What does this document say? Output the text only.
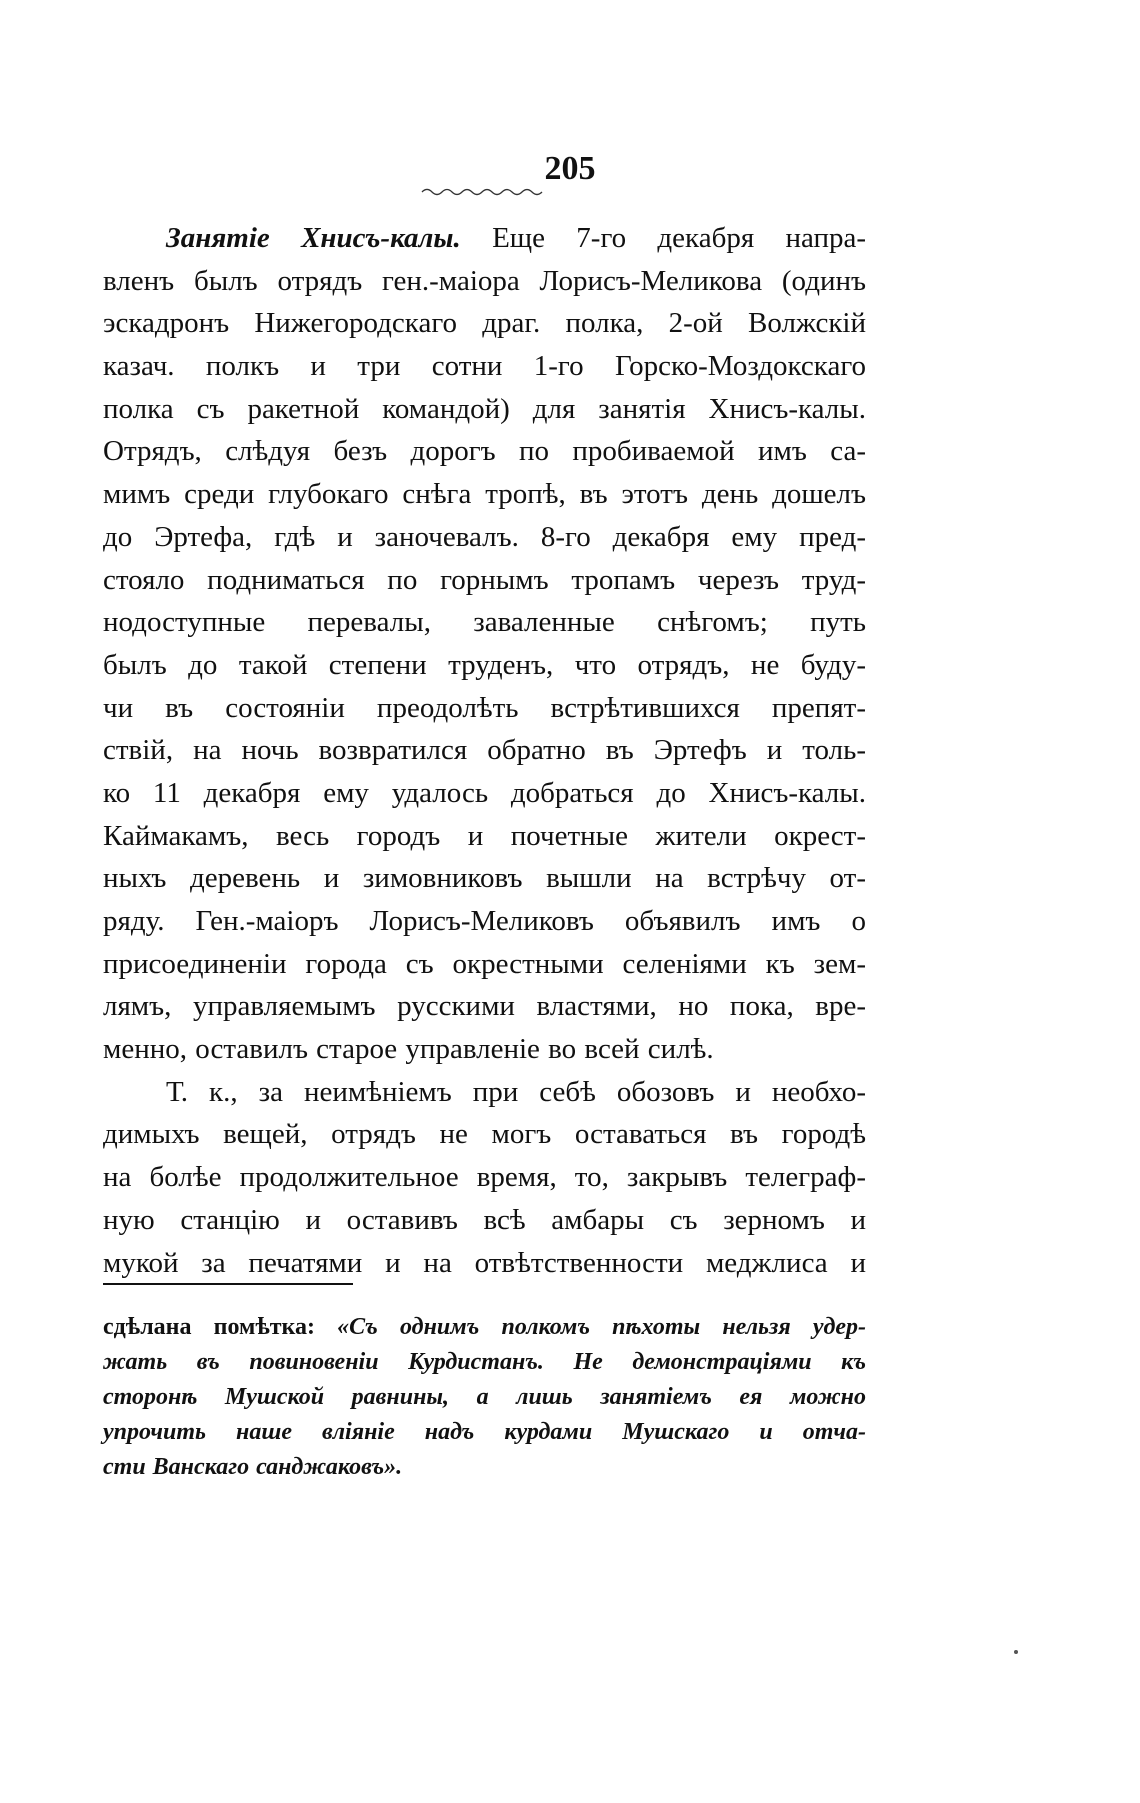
205
Занятіе Хнисъ-калы. Еще 7-го декабря напра-
вленъ былъ отрядъ ген.-маіора Лорисъ-Меликова (одинъ
эскадронъ Нижегородскаго драг. полка, 2-ой Волжскій
казач. полкъ и три сотни 1-го Горско-Моздокскаго
полка съ ракетной командой) для занятія Хнисъ-калы.
Отрядъ, слѣдуя безъ дорогъ по пробиваемой имъ са-
мимъ среди глубокаго снѣга тропѣ, въ этотъ день дошелъ
до Эртефа, гдѣ и заночевалъ. 8-го декабря ему пред-
стояло подниматься по горнымъ тропамъ черезъ труд-
нодоступные перевалы, заваленные снѣгомъ; путь
былъ до такой степени труденъ, что отрядъ, не буду-
чи въ состояніи преодолѣть встрѣтившихся препят-
ствій, на ночь возвратился обратно въ Эртефъ и толь-
ко 11 декабря ему удалось добраться до Хнисъ-калы.
Каймакамъ, весь городъ и почетные жители окрест-
ныхъ деревень и зимовниковъ вышли на встрѣчу от-
ряду. Ген.-маіоръ Лорисъ-Меликовъ объявилъ имъ о
присоединеніи города съ окрестными селеніями къ зем-
лямъ, управляемымъ русскими властями, но пока, вре-
менно, оставилъ старое управленіе во всей силѣ.
Т. к., за неимѣніемъ при себѣ обозовъ и необхо-
димыхъ вещей, отрядъ не могъ оставаться въ городѣ
на болѣе продолжительное время, то, закрывъ телеграф-
ную станцію и оставивъ всѣ амбары съ зерномъ и
мукой за печатями и на отвѣтственности меджлиса и
сдѣлана помѣтка: «Съ однимъ полкомъ пѣхоты нельзя удер-
жать въ повиновеніи Курдистанъ. Не демонстраціями къ
сторонѣ Мушской равнины, а лишь занятіемъ ея можно
упрочить наше вліяніе надъ курдами Мушскаго и отча-
сти Ванскаго санджаковъ».
